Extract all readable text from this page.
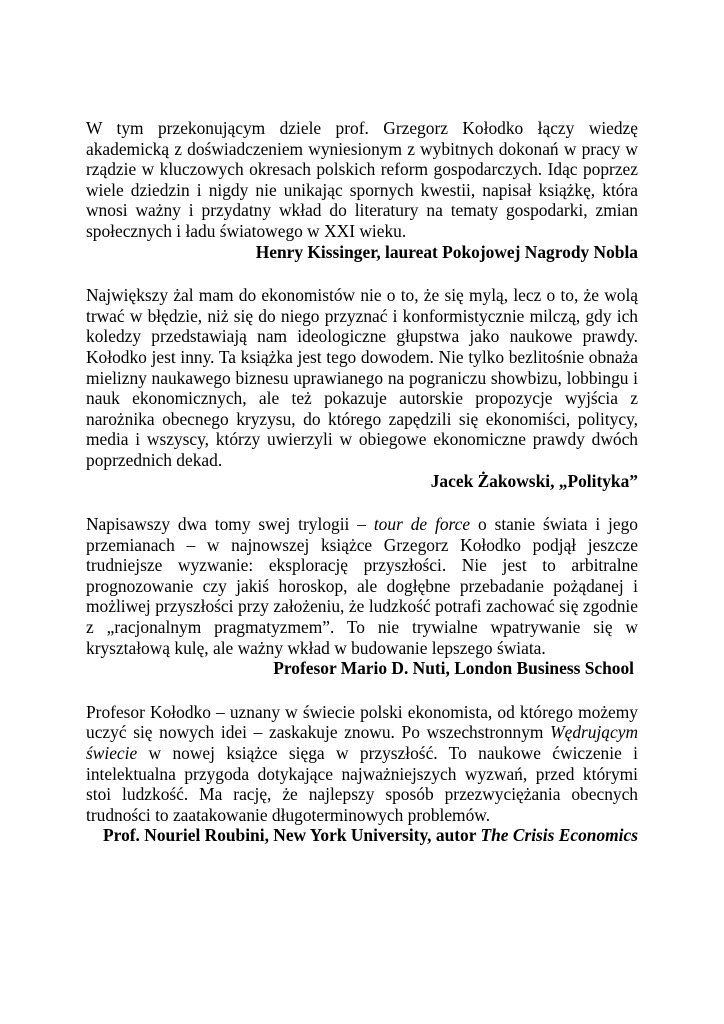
W tym przekonującym dziele prof. Grzegorz Kołodko łączy wiedzę akademicką z doświadczeniem wyniesionym z wybitnych dokonań w pracy w rządzie w kluczowych okresach polskich reform gospodarczych. Idąc poprzez wiele dziedzin i nigdy nie unikając spornych kwestii, napisał książkę, która wnosi ważny i przydatny wkład do literatury na tematy gospodarki, zmian społecznych i ładu światowego w XXI wieku.

Henry Kissinger, laureat Pokojowej Nagrody Nobla

Największy żal mam do ekonomistów nie o to, że się mylą, lecz o to, że wolą trwać w błędzie, niż się do niego przyznać i konformistycznie milczą, gdy ich koledzy przedstawiają nam ideologiczne głupstwa jako naukowe prawdy. Kołodko jest inny. Ta książka jest tego dowodem. Nie tylko bezlitośnie obnaża mielizny naukawego biznesu uprawianego na pograniczu showbizu, lobbingu i nauk ekonomicznych, ale też pokazuje autorskie propozycje wyjścia z narożnika obecnego kryzysu, do którego zapędzili się ekonomiści, politycy, media i wszyscy, którzy uwierzyli w obiegowe ekonomiczne prawdy dwóch poprzednich dekad.

Jacek Żakowski, „Polityka”

Napisawszy dwa tomy swej trylogii – tour de force o stanie świata i jego przemianach – w najnowszej książce Grzegorz Kołodko podjął jeszcze trudniejsze wyzwanie: eksplorację przyszłości. Nie jest to arbitralne prognozowanie czy jakiś horoskop, ale dogłębne przebadanie pożądanej i możliwej przyszłości przy założeniu, że ludzkość potrafi zachować się zgodnie z „racjonalnym pragmatyzmem”. To nie trywialne wpatrywanie się w kryształową kulę, ale ważny wkład w budowanie lepszego świata.

Profesor Mario D. Nuti, London Business School

Profesor Kołodko – uznany w świecie polski ekonomista, od którego możemy uczyć się nowych idei – zaskakuje znowu. Po wszechstronnym Wędrującym świecie w nowej książce sięga w przyszłość. To naukowe ćwiczenie i intelektualna przygoda dotykające najważniejszych wyzwań, przed którymi stoi ludzkość. Ma rację, że najlepszy sposób przezwyciężania obecnych trudności to zaatakowanie długoterminowych problemów.

Prof. Nouriel Roubini, New York University, autor The Crisis Economics
